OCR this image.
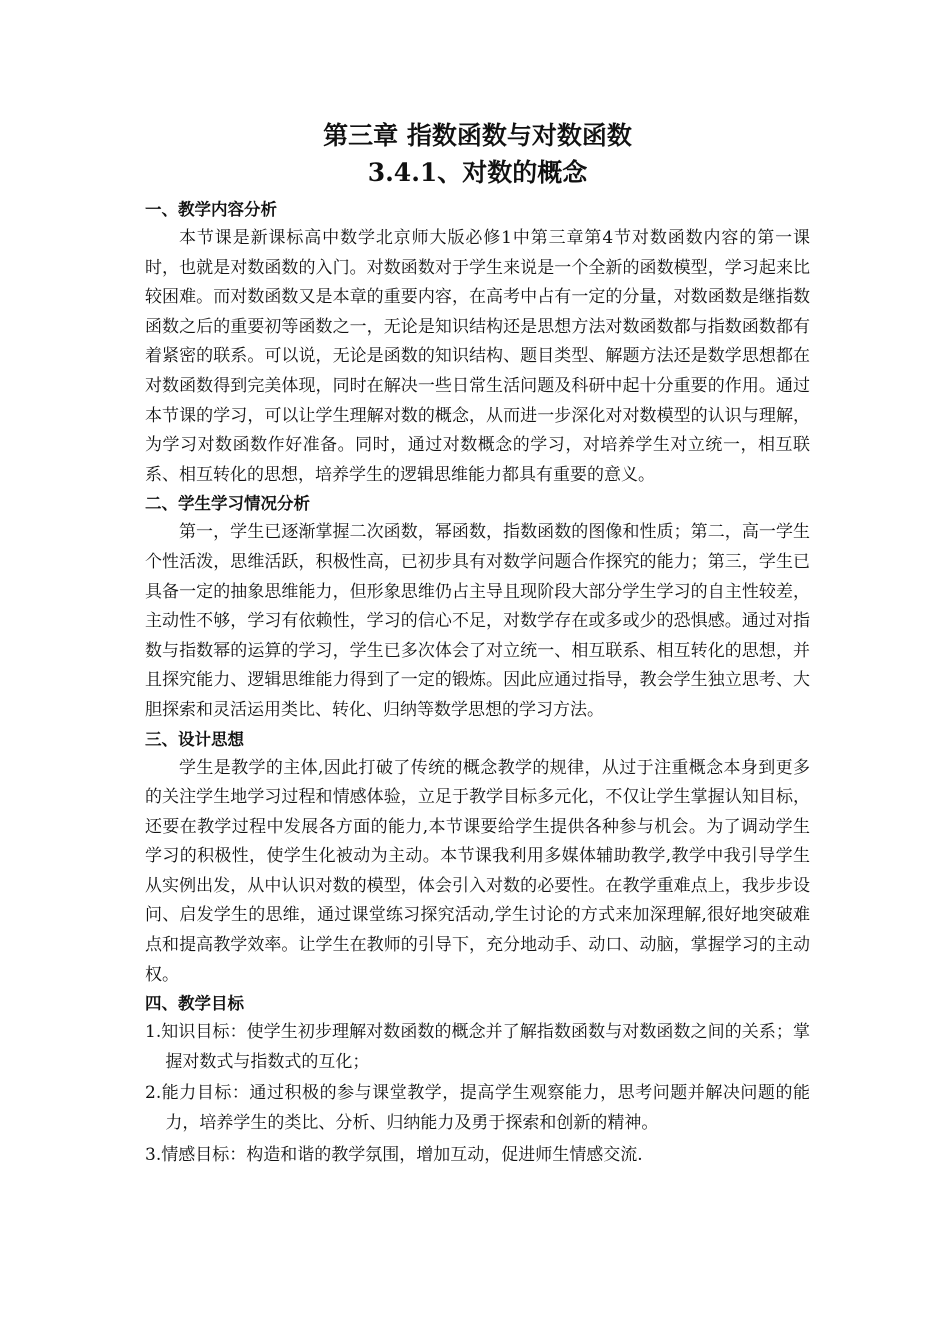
第三章 指数函数与对数函数
3.4.1、对数的概念
一、教学内容分析

本节课是新课标高中数学北京师大版必修1中第三章第4节对数函数内容的第一课时，也就是对数函数的入门。对数函数对于学生来说是一个全新的函数模型，学习起来比较困难。而对数函数又是本章的重要内容，在高考中占有一定的分量，对数函数是继指数函数之后的重要初等函数之一，无论是知识结构还是思想方法对数函数都与指数函数都有着紧密的联系。可以说，无论是函数的知识结构、题目类型、解题方法还是数学思想都在对数函数得到完美体现，同时在解决一些日常生活问题及科研中起十分重要的作用。通过本节课的学习，可以让学生理解对数的概念，从而进一步深化对对数模型的认识与理解，为学习对数函数作好准备。同时，通过对数概念的学习，对培养学生对立统一，相互联系、相互转化的思想，培养学生的逻辑思维能力都具有重要的意义。

二、学生学习情况分析

第一，学生已逐渐掌握二次函数，幂函数，指数函数的图像和性质；第二，高一学生个性活泼，思维活跃，积极性高，已初步具有对数学问题合作探究的能力；第三，学生已具备一定的抽象思维能力，但形象思维仍占主导且现阶段大部分学生学习的自主性较差，主动性不够，学习有依赖性，学习的信心不足，对数学存在或多或少的恐惧感。通过对指数与指数幂的运算的学习，学生已多次体会了对立统一、相互联系、相互转化的思想，并且探究能力、逻辑思维能力得到了一定的锻炼。因此应通过指导，教会学生独立思考、大胆探索和灵活运用类比、转化、归纳等数学思想的学习方法。

三、设计思想

学生是教学的主体,因此打破了传统的概念教学的规律，从过于注重概念本身到更多的关注学生地学习过程和情感体验，立足于教学目标多元化，不仅让学生掌握认知目标，还要在教学过程中发展各方面的能力,本节课要给学生提供各种参与机会。为了调动学生学习的积极性，使学生化被动为主动。本节课我利用多媒体辅助教学,教学中我引导学生从实例出发，从中认识对数的模型，体会引入对数的必要性。在教学重难点上，我步步设问、启发学生的思维，通过课堂练习探究活动,学生讨论的方式来加深理解,很好地突破难点和提高教学效率。让学生在教师的引导下，充分地动手、动口、动脑，掌握学习的主动权。

四、教学目标

1.知识目标：使学生初步理解对数函数的概念并了解指数函数与对数函数之间的关系；掌握对数式与指数式的互化；

2.能力目标：通过积极的参与课堂教学，提高学生观察能力，思考问题并解决问题的能力，培养学生的类比、分析、归纳能力及勇于探索和创新的精神。

3.情感目标：构造和谐的教学氛围，增加互动，促进师生情感交流.
